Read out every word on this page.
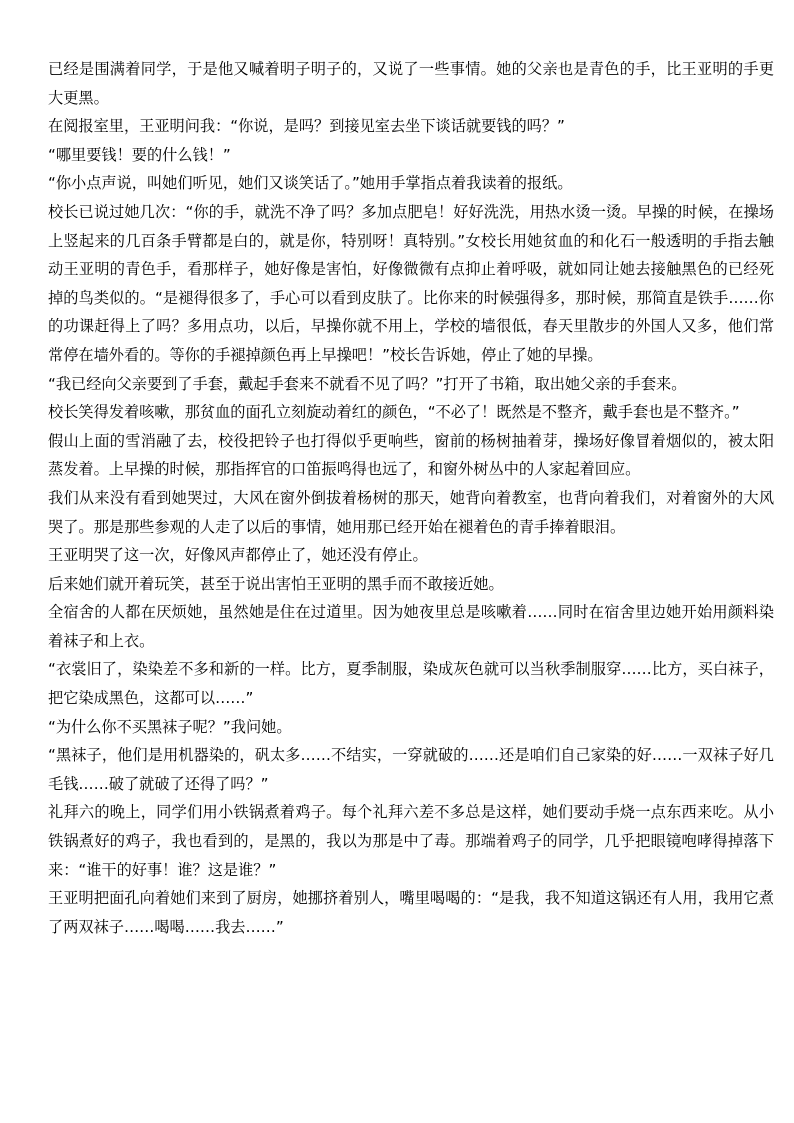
已经是围满着同学，于是他又喊着明子明子的，又说了一些事情。她的父亲也是青色的手，比王亚明的手更大更黑。

在阅报室里，王亚明问我：“你说，是吗？到接见室去坐下谈话就要钱的吗？”

“哪里要钱！要的什么钱！”

“你小点声说，叫她们听见，她们又谈笑话了。”她用手掌指点着我读着的报纸。

校长已说过她几次：“你的手，就洗不净了吗？多加点肥皂！好好洗洗，用热水烫一烫。早操的时候，在操场上竖起来的几百条手臂都是白的，就是你，特别呀！真特别。”女校长用她贫血的和化石一般透明的手指去触动王亚明的青色手，看那样子，她好像是害怕，好像微微有点抑止着呼吸，就如同让她去接触黑色的已经死掉的鸟类似的。“是褪得很多了，手心可以看到皮肤了。比你来的时候强得多，那时候，那简直是铁手……你的功课赶得上了吗？多用点功，以后，早操你就不用上，学校的墙很低，春天里散步的外国人又多，他们常常停在墙外看的。等你的手褪掉颜色再上早操吧！”校长告诉她，停止了她的早操。

“我已经向父亲要到了手套，戴起手套来不就看不见了吗？”打开了书箱，取出她父亲的手套来。

校长笑得发着咳嗽，那贫血的面孔立刻旋动着红的颜色，“不必了！既然是不整齐，戴手套也是不整齐。”

假山上面的雪消融了去，校役把铃子也打得似乎更响些，窗前的杨树抽着芽，操场好像冒着烟似的，被太阳蒸发着。上早操的时候，那指挥官的口笛振鸣得也远了，和窗外树丛中的人家起着回应。

我们从来没有看到她哭过，大风在窗外倒拔着杨树的那天，她背向着教室，也背向着我们，对着窗外的大风哭了。那是那些参观的人走了以后的事情，她用那已经开始在褪着色的青手捧着眼泪。

王亚明哭了这一次，好像风声都停止了，她还没有停止。

后来她们就开着玩笑，甚至于说出害怕王亚明的黑手而不敢接近她。

全宿舍的人都在厌烦她，虽然她是住在过道里。因为她夜里总是咳嗽着……同时在宿舍里边她开始用颜料染着袜子和上衣。

“衣裳旧了，染染差不多和新的一样。比方，夏季制服，染成灰色就可以当秋季制服穿……比方，买白袜子，把它染成黑色，这都可以……”

“为什么你不买黑袜子呢？”我问她。

“黑袜子，他们是用机器染的，矾太多……不结实，一穿就破的……还是咱们自己家染的好……一双袜子好几毛钱……破了就破了还得了吗？”

礼拜六的晚上，同学们用小铁锅煮着鸡子。每个礼拜六差不多总是这样，她们要动手烧一点东西来吃。从小铁锅煮好的鸡子，我也看到的，是黑的，我以为那是中了毒。那端着鸡子的同学，几乎把眼镜咆哮得掉落下来：“谁干的好事！谁？这是谁？”

王亚明把面孔向着她们来到了厨房，她挪挤着别人，嘴里喝喝的：“是我，我不知道这锅还有人用，我用它煮了两双袜子……喝喝……我去……”
